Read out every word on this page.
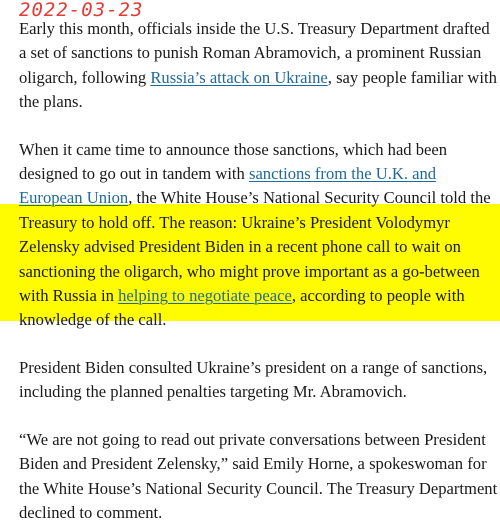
2022-03-23

Early this month, officials inside the U.S. Treasury Department drafted a set of sanctions to punish Roman Abramovich, a prominent Russian oligarch, following Russia’s attack on Ukraine, say people familiar with the plans.

When it came time to announce those sanctions, which had been designed to go out in tandem with sanctions from the U.K. and European Union, the White House’s National Security Council told the Treasury to hold off. The reason: Ukraine’s President Volodymyr Zelensky advised President Biden in a recent phone call to wait on sanctioning the oligarch, who might prove important as a go-between with Russia in helping to negotiate peace, according to people with knowledge of the call.

President Biden consulted Ukraine’s president on a range of sanctions, including the planned penalties targeting Mr. Abramovich.

“We are not going to read out private conversations between President Biden and President Zelensky,” said Emily Horne, a spokeswoman for the White House’s National Security Council. The Treasury Department declined to comment.
